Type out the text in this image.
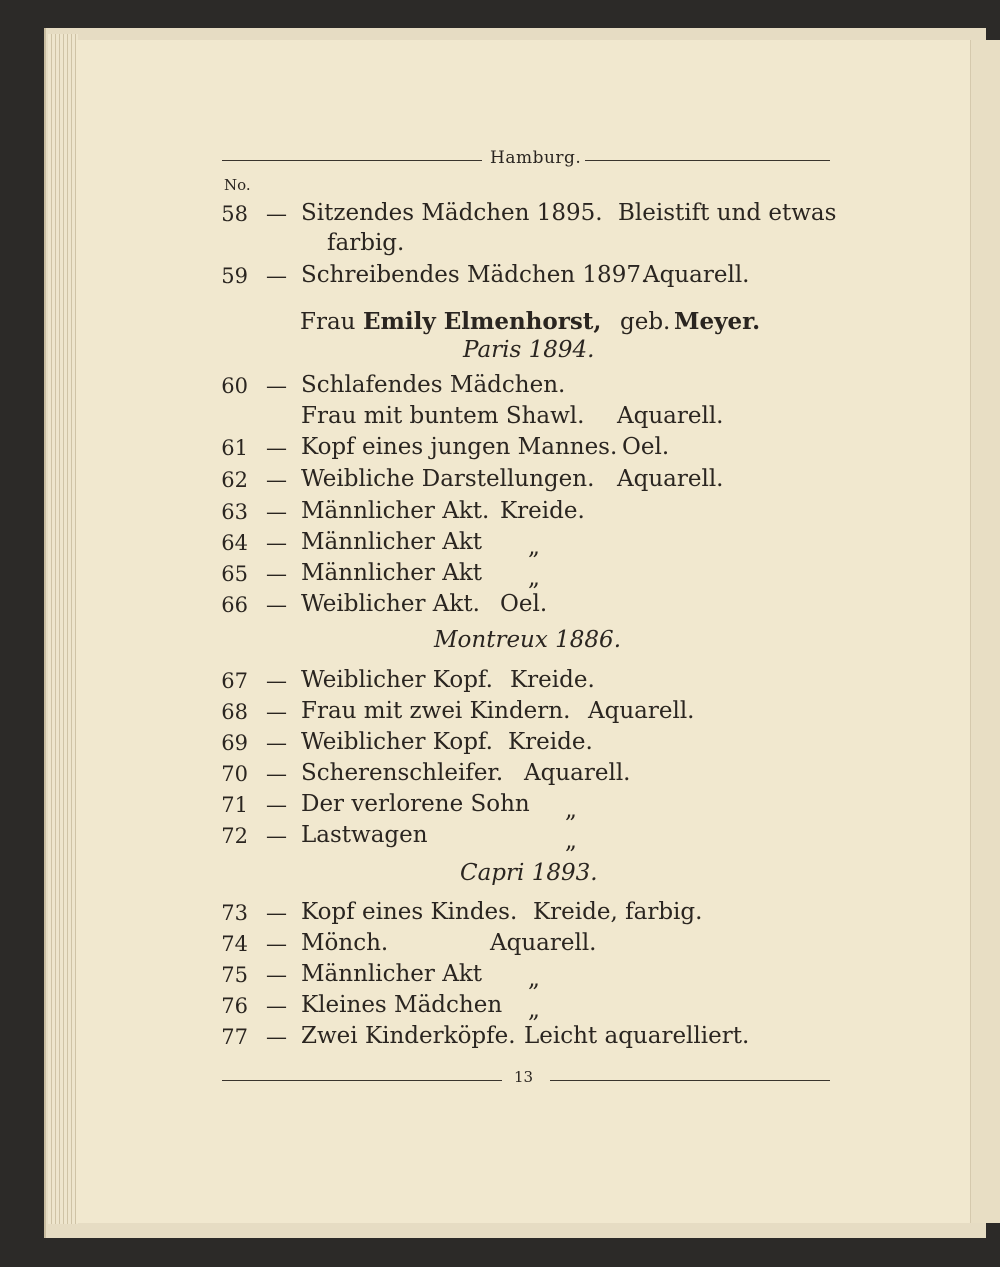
Hamburg.
No.
58 — Sitzendes Mädchen 1895. Bleistift und etwas
farbig.
59 — Schreibendes Mädchen 1897.
Aquarell.
Frau Emily Elmenhorst, geb. Meyer.
Paris 1894.
60 — Schlafendes Mädchen.
Frau mit buntem Shawl. Aquarell.
61 — Kopf eines jungen Mannes. Oel.
62 — Weibliche Darstellungen. Aquarell.
63 — Männlicher Akt. Kreide.
64 — Männlicher Akt „
65 — Männlicher Akt „
66 — Weiblicher Akt. Oel.
Montreux 1886.
67 — Weiblicher Kopf. Kreide.
68 — Frau mit zwei Kindern. Aquarell.
69 — Weiblicher Kopf. Kreide.
70 — Scherenschleifer. Aquarell.
71 — Der verlorene Sohn „
72 — Lastwagen	„
Capri 1893.
73 — Kopf eines Kindes. Kreide, farbig.
74 — Mönch.	Aquarell.
75 — Männlicher Akt „
76 — Kleines Mädchen „
77 — Zwei Kinderköpfe. Leicht aquarelliert.
13
